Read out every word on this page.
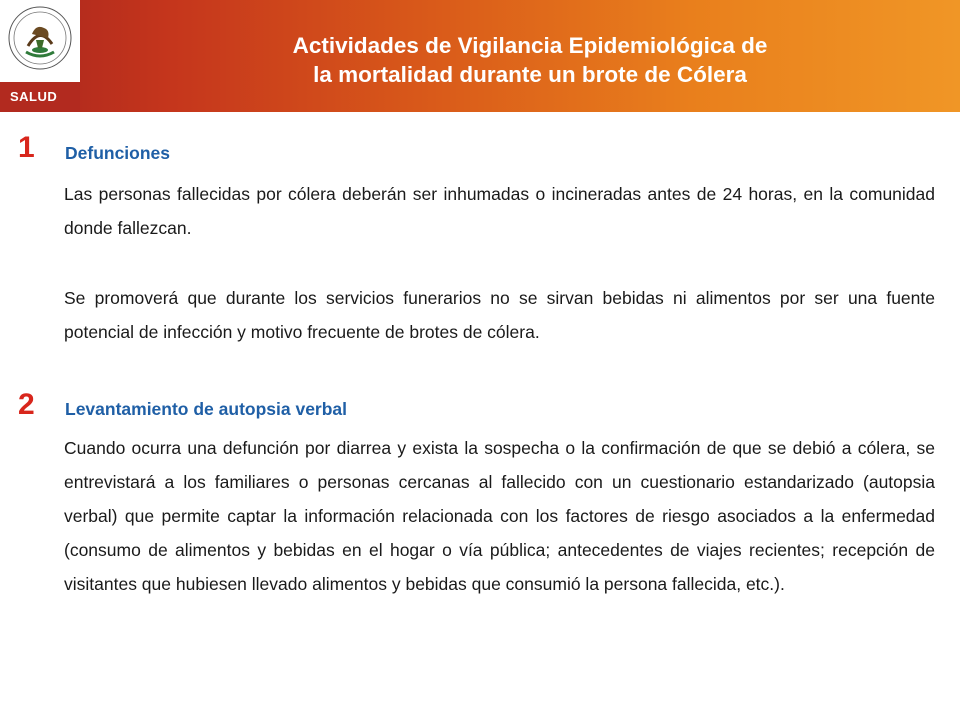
SALUD
Actividades de Vigilancia Epidemiológica de
la mortalidad durante un brote de Cólera
1 Defunciones

Las personas fallecidas por cólera deberán ser inhumadas o incineradas antes de 24 horas, en la comunidad donde fallezcan.

Se promoverá que durante los servicios funerarios no se sirvan bebidas ni alimentos por ser una fuente potencial de infección y motivo frecuente de brotes de cólera.

2 Levantamiento de autopsia verbal

Cuando ocurra una defunción por diarrea y exista la sospecha o la confirmación de que se debió a cólera, se entrevistará a los familiares o personas cercanas al fallecido con un cuestionario estandarizado (autopsia verbal) que permite captar la información relacionada con los factores de riesgo asociados a la enfermedad (consumo de alimentos y bebidas en el hogar o vía pública; antecedentes de viajes recientes; recepción de visitantes que hubiesen llevado alimentos y bebidas que consumió la persona fallecida, etc.).
